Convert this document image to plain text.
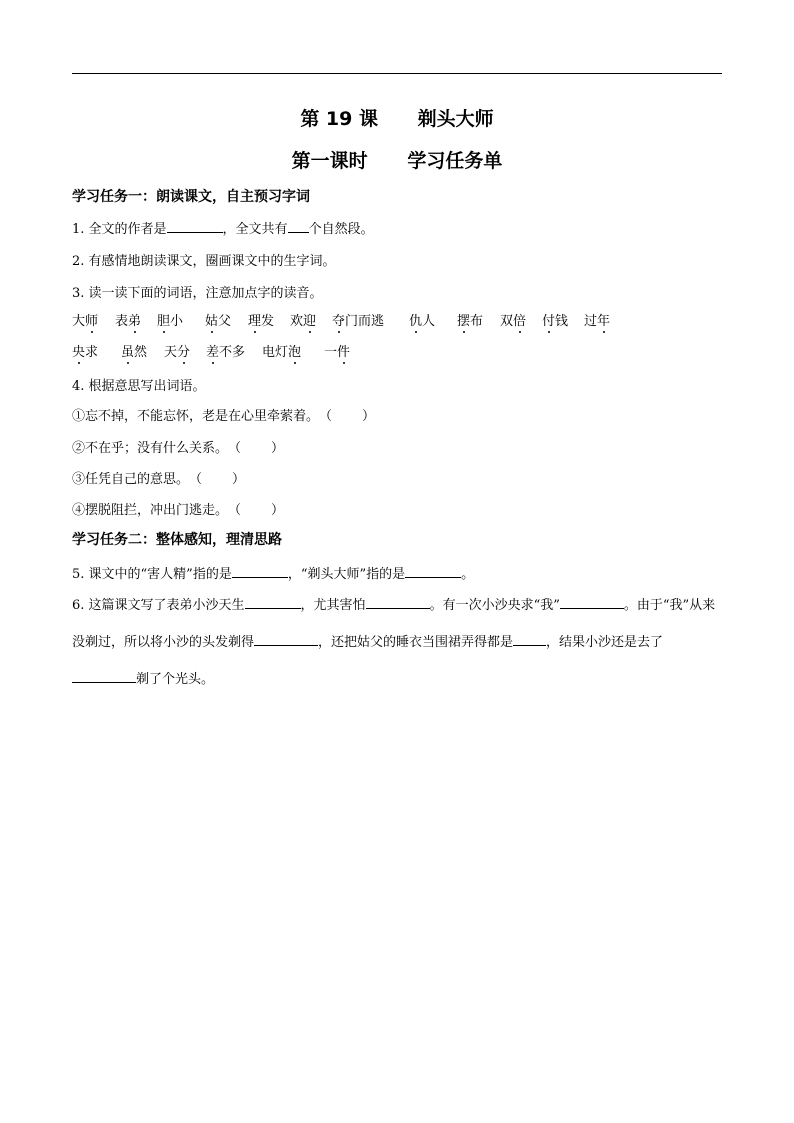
第 19 课      剃头大师
第一课时      学习任务单
学习任务一：朗读课文，自主预习字词
1. 全文的作者是	，全文共有 个自然段。
2. 有感情地朗读课文，圈画课文中的生字词。
3. 读一读下面的词语，注意加点字的读音。
大师 表弟 胆小 姑父 理发 欢迎 夺门而逃 仇人 摆布 双倍 付钱 过年
央求 虽然 天分 差不多 电灯泡 一件
4. 根据意思写出词语。
①忘不掉，不能忘怀，老是在心里牵萦着。（ ）
②不在乎；没有什么关系。（ ）
③任凭自己的意思。（ ）
④摆脱阻拦，冲出门逃走。（ ）
学习任务二：整体感知，理清思路
5. 课文中的“害人精”指的是	，“剃头大师”指的是	。
6. 这篇课文写了表弟小沙天生	，尤其害怕	。有一次小沙央求“我”	。由于“我”从来没剃过，所以将小沙的头发剃得	，还把姑父的睡衣当围裙弄得都是	，结果小沙还是去了剃了个光头。
